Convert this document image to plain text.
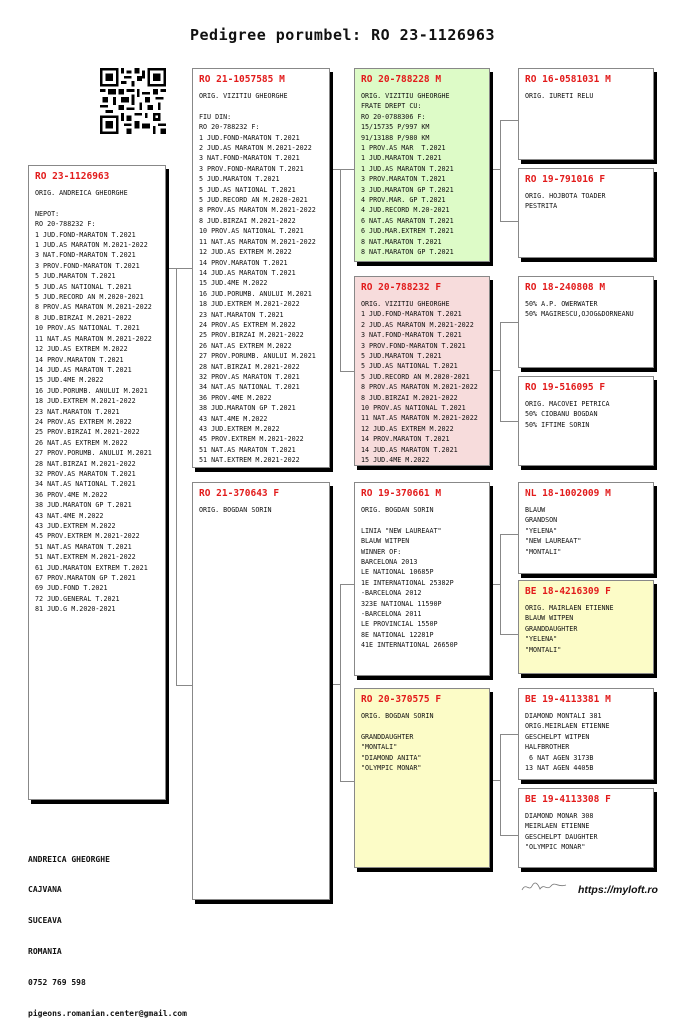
Pedigree porumbel: RO 23-1126963
RO 23-1126963
ORIG. ANDREICA GHEORGHE

NEPOT:
RO 20-788232 F:
1 JUD.FOND-MARATON T.2021
1 JUD.AS MARATON M.2021-2022
3 NAT.FOND-MARATON T.2021
3 PROV.FOND-MARATON T.2021
5 JUD.MARATON T.2021
5 JUD.AS NATIONAL T.2021
5 JUD.RECORD AN M.2020-2021
8 PROV.AS MARATON M.2021-2022
8 JUD.BIRZAI M.2021-2022
10 PROV.AS NATIONAL T.2021
11 NAT.AS MARATON M.2021-2022
12 JUD.AS EXTREM M.2022
14 PROV.MARATON T.2021
14 JUD.AS MARATON T.2021
15 JUD.4ME M.2022
16 JUD.PORUMB. ANULUI M.2021
18 JUD.EXTREM M.2021-2022
23 NAT.MARATON T.2021
24 PROV.AS EXTREM M.2022
25 PROV.BIRZAI M.2021-2022
26 NAT.AS EXTREM M.2022
27 PROV.PORUMB. ANULUI M.2021
28 NAT.BIRZAI M.2021-2022
32 PROV.AS MARATON T.2021
34 NAT.AS NATIONAL T.2021
36 PROV.4ME M.2022
38 JUD.MARATON GP T.2021
43 NAT.4ME M.2022
43 JUD.EXTREM M.2022
45 PROV.EXTREM M.2021-2022
51 NAT.AS MARATON T.2021
51 NAT.EXTREM M.2021-2022
61 JUD.MARATON EXTREM T.2021
67 PROV.MARATON GP T.2021
69 JUD.FOND T.2021
72 JUD.GENERAL T.2021
81 JUD.G M.2020-2021
RO 21-1057585 M
ORIG. VIZITIU GHEORGHE

FIU DIN:
RO 20-788232 F:
1 JUD.FOND-MARATON T.2021
2 JUD.AS MARATON M.2021-2022
3 NAT.FOND-MARATON T.2021
3 PROV.FOND-MARATON T.2021
5 JUD.MARATON T.2021
5 JUD.AS NATIONAL T.2021
5 JUD.RECORD AN M.2020-2021
8 PROV.AS MARATON M.2021-2022
8 JUD.BIRZAI M.2021-2022
10 PROV.AS NATIONAL T.2021
11 NAT.AS MARATON M.2021-2022
12 JUD.AS EXTREM M.2022
14 PROV.MARATON T.2021
14 JUD.AS MARATON T.2021
15 JUD.4ME M.2022
16 JUD.PORUMB. ANULUI M.2021
18 JUD.EXTREM M.2021-2022
23 NAT.MARATON T.2021
24 PROV.AS EXTREM M.2022
25 PROV.BIRZAI M.2021-2022
26 NAT.AS EXTREM M.2022
27 PROV.PORUMB. ANULUI M.2021
28 NAT.BIRZAI M.2021-2022
32 PROV.AS MARATON T.2021
34 NAT.AS NATIONAL T.2021
36 PROV.4ME M.2022
38 JUD.MARATON GP T.2021
43 NAT.4ME M.2022
43 JUD.EXTREM M.2022
45 PROV.EXTREM M.2021-2022
51 NAT.AS MARATON T.2021
51 NAT.EXTREM M.2021-2022
RO 21-370643 F
ORIG. BOGDAN SORIN
RO 20-788228 M
ORIG. VIZITIU GHEORGHE
FRATE DREPT CU:
RO 20-0788306 F:
15/15735 P/997 KM
91/13188 P/980 KM
1 PROV.AS MAR  T.2021
1 JUD.MARATON T.2021
1 JUD.AS MARATON T.2021
3 PROV.MARATON T.2021
3 JUD.MARATON GP T.2021
4 PROV.MAR. GP T.2021
4 JUD.RECORD M.20-2021
6 NAT.AS MARATON T.2021
6 JUD.MAR.EXTREM T.2021
8 NAT.MARATON T.2021
8 NAT.MARATON GP T.2021
RO 20-788232 F
ORIG. VIZITIU GHEORGHE
1 JUD.FOND-MARATON T.2021
2 JUD.AS MARATON M.2021-2022
3 NAT.FOND-MARATON T.2021
3 PROV.FOND-MARATON T.2021
5 JUD.MARATON T.2021
5 JUD.AS NATIONAL T.2021
5 JUD.RECORD AN M.2020-2021
8 PROV.AS MARATON M.2021-2022
8 JUD.BIRZAI M.2021-2022
10 PROV.AS NATIONAL T.2021
11 NAT.AS MARATON M.2021-2022
12 JUD.AS EXTREM M.2022
14 PROV.MARATON T.2021
14 JUD.AS MARATON T.2021
15 JUD.4ME M.2022
RO 19-370661 M
ORIG. BOGDAN SORIN

LINIA "NEW LAUREAAT"
BLAUW WITPEN
WINNER OF:
BARCELONA 2013
LE NATIONAL 10685P
1E INTERNATIONAL 25382P
-BARCELONA 2012
323E NATIONAL 11590P
-BARCELONA 2011
LE PROVINCIAL 1550P
8E NATIONAL 12281P
41E INTERNATIONAL 26650P
RO 20-370575 F
ORIG. BOGDAN SORIN

GRANDDAUGHTER
"MONTALI"
"DIAMOND ANITA"
"OLYMPIC MONAR"
RO 16-0581031 M
ORIG. IURETI RELU
RO 19-791016 F
ORIG. HOJBOTA TOADER
PESTRITA
RO 18-240808 M
50% A.P. OWERWATER
50% MAGIRESCU,OJOG&DORNEANU
RO 19-516095 F
ORIG. MACOVEI PETRICA
50% CIOBANU BOGDAN
50% IFTIME SORIN
NL 18-1002009 M
BLAUW
GRANDSON
"YELENA"
"NEW LAUREAAT"
"MONTALI"
BE 18-4216309 F
ORIG. MAIRLAEN ETIENNE
BLAUW WITPEN
GRANDDAUGHTER
"YELENA"
"MONTALI"
BE 19-4113381 M
DIAMOND MONTALI 381
ORIG.MEIRLAEN ETIENNE
GESCHELPT WITPEN
HALFBROTHER
6 NAT AGEN 3173B
13 NAT AGEN 4405B
BE 19-4113308 F
DIAMOND MONAR 308
MEIRLAEN ETIENNE
GESCHELPT DAUGHTER
"OLYMPIC MONAR"

ANDREICA GHEORGHE

CAJVANA

SUCEAVA

ROMANIA

0752 769 598

pigeons.romanian.center@gmail.com

https://myloft.ro
